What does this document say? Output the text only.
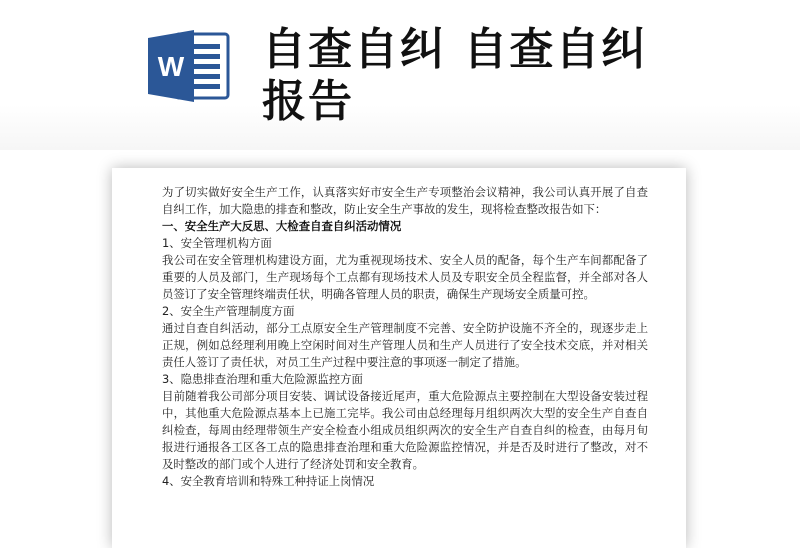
W 自查自纠 自查自纠
报告

为了切实做好安全生产工作，认真落实好市安全生产专项整治会议精神，我公司认真开展了自查自纠工作，加大隐患的排查和整改，防止安全生产事故的发生，现将检查整改报告如下：

一、安全生产大反思、大检查自查自纠活动情况

1、安全管理机构方面

我公司在安全管理机构建设方面，尤为重视现场技术、安全人员的配备，每个生产车间都配备了重要的人员及部门，生产现场每个工点都有现场技术人员及专职安全员全程监督，并全部对各人员签订了安全管理终端责任状，明确各管理人员的职责，确保生产现场安全质量可控。

2、安全生产管理制度方面

通过自查自纠活动，部分工点原安全生产管理制度不完善、安全防护设施不齐全的，现逐步走上正规，例如总经理利用晚上空闲时间对生产管理人员和生产人员进行了安全技术交底，并对相关责任人签订了责任状，对员工生产过程中要注意的事项逐一制定了措施。

3、隐患排查治理和重大危险源监控方面

目前随着我公司部分项目安装、调试设备接近尾声，重大危险源点主要控制在大型设备安装过程中，其他重大危险源点基本上已施工完毕。我公司由总经理每月组织两次大型的安全生产自查自纠检查，每周由经理带领生产安全检查小组成员组织两次的安全生产自查自纠的检查，由每月旬报进行通报各工区各工点的隐患排查治理和重大危险源监控情况，并是否及时进行了整改，对不及时整改的部门或个人进行了经济处罚和安全教育。

4、安全教育培训和特殊工种持证上岗情况
